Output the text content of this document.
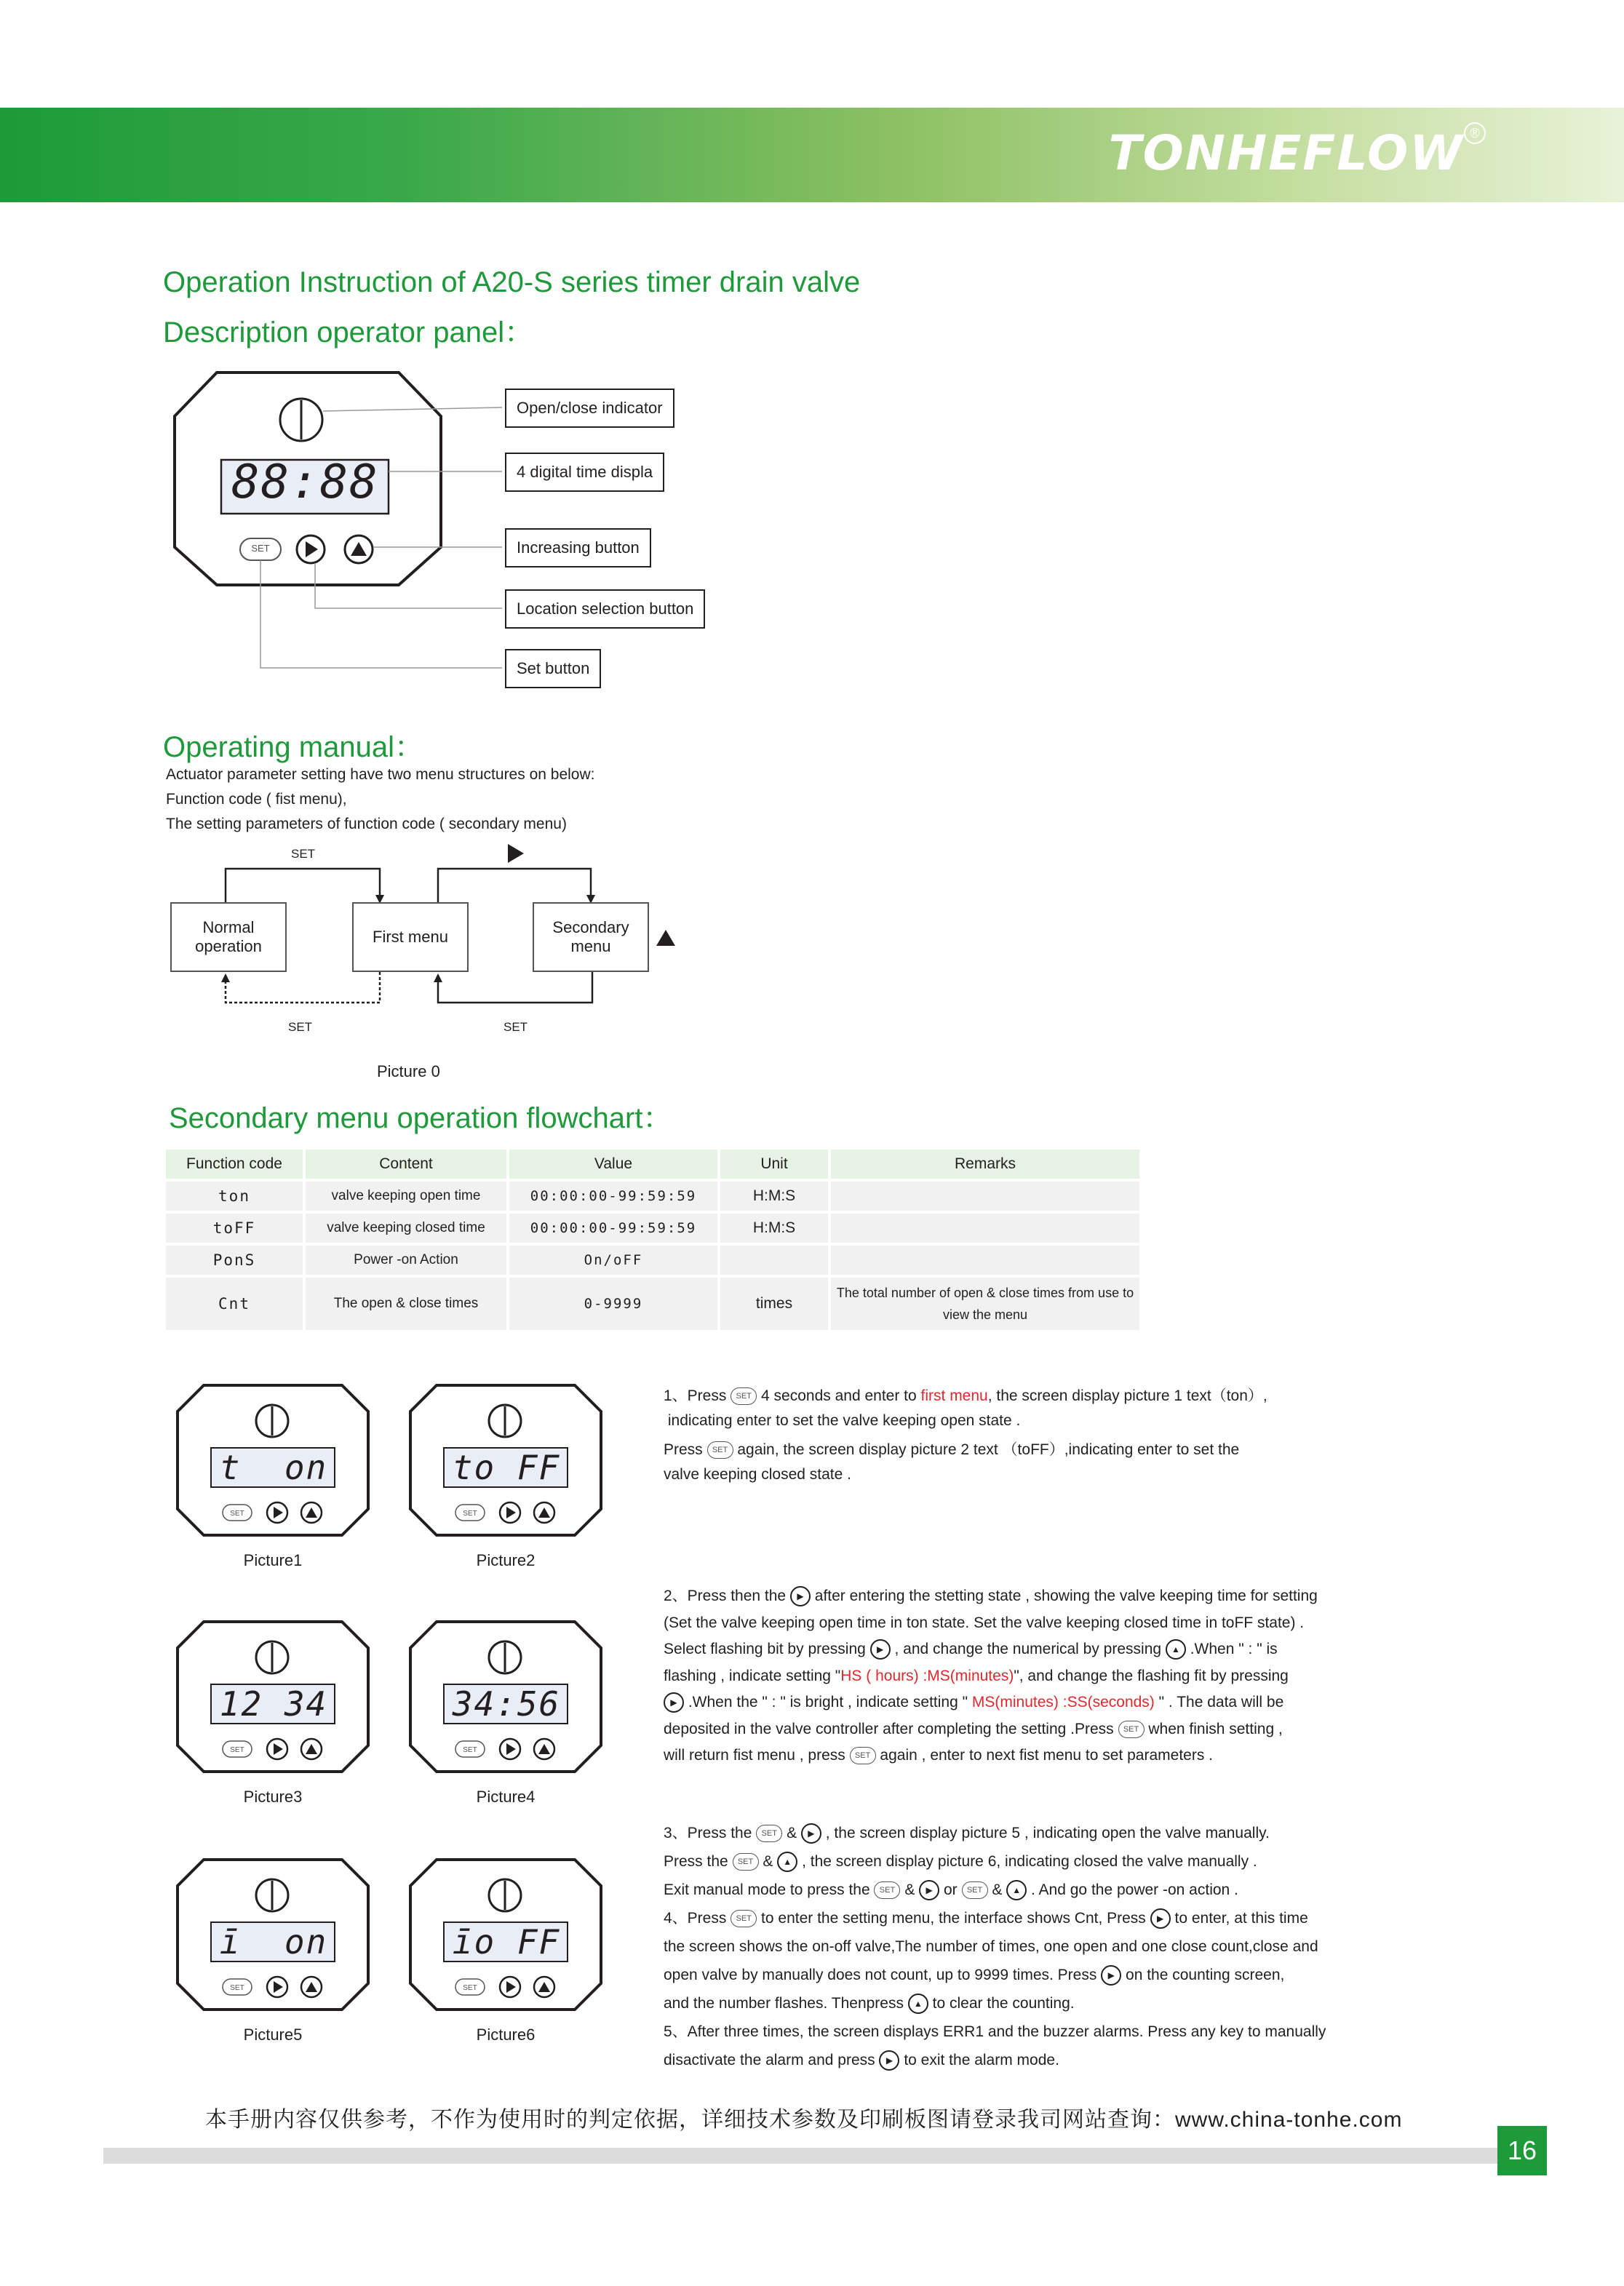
TONHEFLOW ®
Operation Instruction of A20-S series timer drain valve
Description operator panel：
88:88
SET
Open/close indicator
4 digital time displa
Increasing button
Location selection button
Set button
Operating manual：
Actuator parameter setting have two menu structures on below:
Function code ( fist menu),
The setting parameters of function code ( secondary menu)
Normal
operation
First menu
Secondary
menu
SET
SET	SET
Picture 0
Secondary menu operation flowchart：
Function code	Content	Value	Unit	Remarks
ton	valve keeping open time	00:00:00-99:59:59	H:M:S	
toFF	valve keeping closed time	00:00:00-99:59:59	H:M:S	
PonS	Power -on Action	On/oFF		
Cnt	The open & close times	0-9999	times	The total number of open & close times from use to view the menu
SET
t  on
Picture1
SET
to FF
Picture2
SET
12 34
Picture3
SET
34:56
Picture4
SET
ī  on
Picture5
SET
īo FF
Picture6
1、Press SET 4 seconds and enter to first menu, the screen display picture 1 text（ton）,
indicating enter to set the valve keeping open state .
Press SET again, the screen display picture 2 text （toFF）,indicating enter to set the
valve keeping closed state .
2、Press then the ▶ after entering the stetting state , showing the valve keeping time for setting
(Set the valve keeping open time in ton state. Set the valve keeping closed time in toFF state) .
Select flashing bit by pressing ▶ , and change the numerical by pressing ▲ .When " : " is
flashing , indicate setting "HS ( hours) :MS(minutes)", and change the flashing fit by pressing
▶ .When the " : " is bright , indicate setting " MS(minutes) :SS(seconds) " . The data will be
deposited in the valve controller after completing the setting .Press SET when finish setting ,
will return fist menu , press SET again , enter to next fist menu to set parameters .
3、Press the SET & ▶ , the screen display picture 5 , indicating open the valve manually.
Press the SET & ▲ , the screen display picture 6, indicating closed the valve manually .
Exit manual mode to press the SET & ▶ or SET & ▲ . And go the power -on action .
4、Press SET to enter the setting menu, the interface shows Cnt, Press ▶ to enter, at this time
the screen shows the on-off valve,The number of times, one open and one close count,close and
open valve by manually does not count, up to 9999 times. Press ▶ on the counting screen,
and the number flashes. Thenpress ▲ to clear the counting.
5、After three times, the screen displays ERR1 and the buzzer alarms. Press any key to manually
disactivate the alarm and press ▶ to exit the alarm mode.
本手册内容仅供参考，不作为使用时的判定依据，详细技术参数及印刷板图请登录我司网站查询：www.china-tonhe.com
16
